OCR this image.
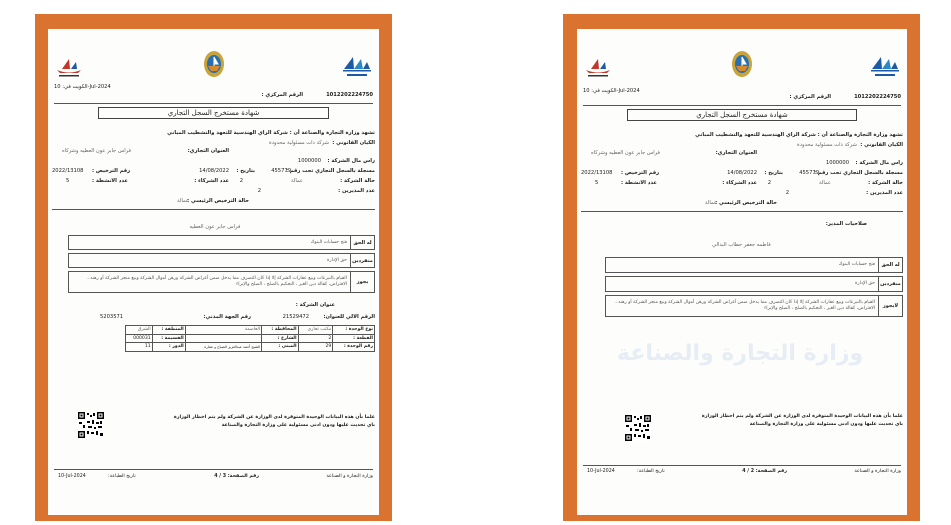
الرقم المركزي :	1012202224750
الكويت في: 10-Jul-2024
شهادة مستخرج السجل التجاري
تشهد وزارة التجارة والصناعة أن : شركة الراي الهندسية للتعهد والتشطيب المباني
الكيان القانوني :
شركة ذات مسئولية محدودة
العنوان التجاري:
فراس جابر عون العطيه وشركاه
راس مال الشركة :
1000000
مسجلة بالسجل التجاري تحت رقم :
455779
بتاريخ :
14/08/2022
رقم الترخيص :
2022/13108
حالة الشركة :
عمالة
عدد الشركاء : 2
عدد الانشطة :
5
عدد المديرين :
2
حالة الترخيص الرئيسي :
عمالة
فراس جابر عون العطيه
له الحق
فتح حسابات البنوك
منفردين
حق الإدارة
يجوز
القيام بالتبرعات وبيع عقارات الشركة إلا إذا كان التصرف مما يدخل ضمن أغراض الشركة ورهن أموال الشركة وبيع متجر الشركة أو رهنه ، الاقتراض، كفالة دين الغير ، التحكيم بالصلح ، الصلح والإبراء
عنوان الشركة :
الرقم الالي للعنوان:
21529472
رقم الجهة المدني:
5203571
نوع الوحدة :	مكتب تجاري	المحافظة :	العاصمة	المنطقة :	الشرق
القطعة :	2	الشارع :		القسيمة :	000031
رقم الوحدة :	29	المبنى :	الشيخ أحمد عبدالعزيز الصباح و عمارة	الدور :	11
علما بأن هذه البيانات الوحيدة المتوفرة لدى الوزارة عن الشركة ولم يتم اخطار الوزارة باي تحديث عليها ودون ادنى مسئولية على وزارة التجارة والصناعة
وزارة التجارة و الصناعة
رقم الصفحة: 3 / 4
تاريخ الطباعة:
10-Jul-2024
وزارة التجارة والصناعة
الرقم المركزي :	1012202224750
الكويت في: 10-Jul-2024
شهادة مستخرج السجل التجاري
تشهد وزارة التجارة والصناعة أن : شركة الراي الهندسية للتعهد والتشطيب المباني
الكيان القانوني :
شركة ذات مسئولية محدودة
العنوان التجاري:
فراس جابر عون العطيه وشركاه
راس مال الشركة :
1000000
مسجلة بالسجل التجاري تحت رقم :
455779
بتاريخ :
14/08/2022
رقم الترخيص :
2022/13108
حالة الشركة :
عمالة
عدد الشركاء : 2
عدد الانشطة :
5
عدد المديرين :
2
حالة الترخيص الرئيسي :
عمالة
صلاحيات المدير:
فاطمه جعفر حطاب البذالي
له الحق
فتح حسابات البنوك
منفردين
حق الإدارة
لايجوز
القيام بالتبرعات وبيع عقارات الشركة إلا إذا كان التصرف مما يدخل ضمن أغراض الشركة ورهن أموال الشركة وبيع متجر الشركة أو رهنه ، الاقتراض، كفالة دين الغير ، التحكيم بالصلح ، الصلح والإبراء
علما بأن هذه البيانات الوحيدة المتوفرة لدى الوزارة عن الشركة ولم يتم اخطار الوزارة باي تحديث عليها ودون ادنى مسئولية على وزارة التجارة والصناعة
وزارة التجارة و الصناعة
رقم الصفحة: 2 / 4
تاريخ الطباعة:
10-Jul-2024
